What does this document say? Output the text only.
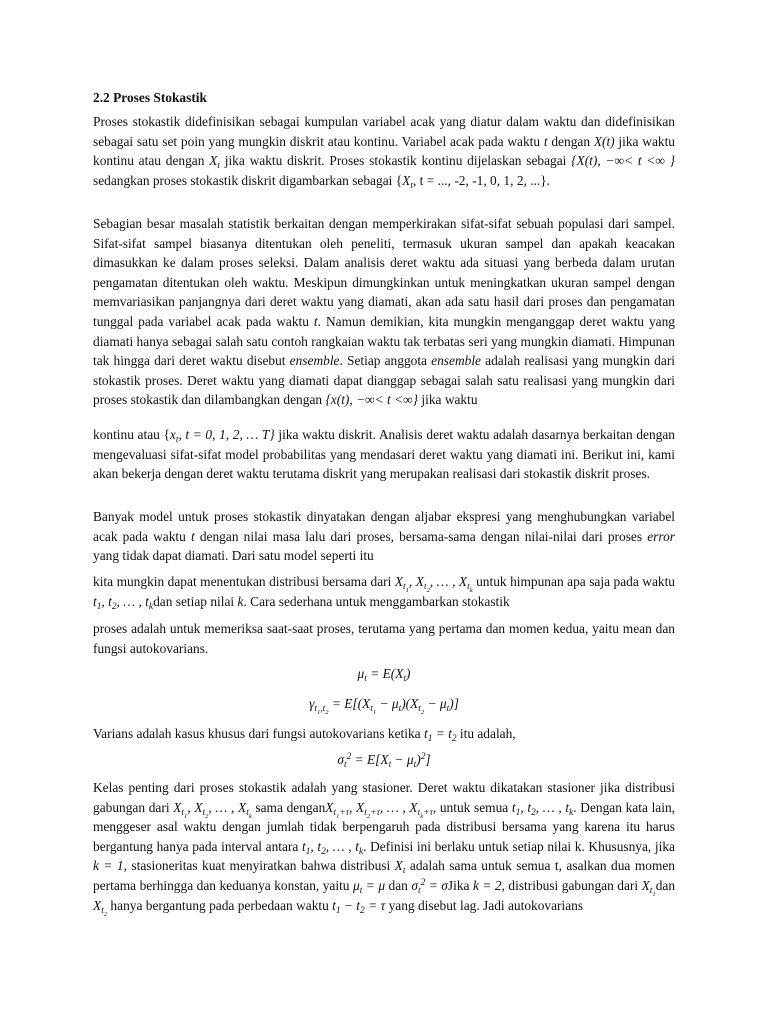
2.2 Proses Stokastik

Proses stokastik didefinisikan sebagai kumpulan variabel acak yang diatur dalam waktu dan didefinisikan sebagai satu set poin yang mungkin diskrit atau kontinu. Variabel acak pada waktu t dengan X(t) jika waktu kontinu atau dengan $X_t$ jika waktu diskrit. Proses stokastik kontinu dijelaskan sebagai {X(t), −∞< t <∞ } sedangkan proses stokastik diskrit digambarkan sebagai {$X_t$, t = ..., -2, -1, 0, 1, 2, ...}.

Sebagian besar masalah statistik berkaitan dengan memperkirakan sifat-sifat sebuah populasi dari sampel. Sifat-sifat sampel biasanya ditentukan oleh peneliti, termasuk ukuran sampel dan apakah keacakan dimasukkan ke dalam proses seleksi. Dalam analisis deret waktu ada situasi yang berbeda dalam urutan pengamatan ditentukan oleh waktu. Meskipun dimungkinkan untuk meningkatkan ukuran sampel dengan memvariasikan panjangnya dari deret waktu yang diamati, akan ada satu hasil dari proses dan pengamatan tunggal pada variabel acak pada waktu t. Namun demikian, kita mungkin menganggap deret waktu yang diamati hanya sebagai salah satu contoh rangkaian waktu tak terbatas seri yang mungkin diamati. Himpunan tak hingga dari deret waktu disebut ensemble. Setiap anggota ensemble adalah realisasi yang mungkin dari stokastik proses. Deret waktu yang diamati dapat dianggap sebagai salah satu realisasi yang mungkin dari proses stokastik dan dilambangkan dengan {x(t), −∞< t <∞} jika waktu

kontinu atau {$x_t$, t = 0, 1, 2, … T} jika waktu diskrit. Analisis deret waktu adalah dasarnya berkaitan dengan mengevaluasi sifat-sifat model probabilitas yang mendasari deret waktu yang diamati ini. Berikut ini, kami akan bekerja dengan deret waktu terutama diskrit yang merupakan realisasi dari stokastik diskrit proses.

Banyak model untuk proses stokastik dinyatakan dengan aljabar ekspresi yang menghubungkan variabel acak pada waktu t dengan nilai masa lalu dari proses, bersama-sama dengan nilai-nilai dari proses error yang tidak dapat diamati. Dari satu model seperti itu

kita mungkin dapat menentukan distribusi bersama dari $X_{t_1}$, $X_{t_2}$, … , $X_{t_k}$ untuk himpunan apa saja pada waktu $t_1$, $t_2$, … , $t_kdan$ setiap nilai k. Cara sederhana untuk menggambarkan stokastik

proses adalah untuk memeriksa saat-saat proses, terutama yang pertama dan momen kedua, yaitu mean dan fungsi autokovarians.

$\mu_t = E(X_t)$
$\gamma_{t_1,t_2} = E[(X_{t_1} - \mu_t)(X_{t_2} - \mu_t)]$

Varians adalah kasus khusus dari fungsi autokovarians ketika $t_1 = t_2$ itu adalah,

$\sigma_t^2 = E[X_t - \mu_t)^2$]

Kelas penting dari proses stokastik adalah yang stasioner. Deret waktu dikatakan stasioner jika distribusi gabungan dari $X_{t_1}$, $X_{t_2}$, … , $X_{t_k}$ sama denganX$_{t_1+\tau}$, $X_{t_2+\tau}$, … , $X_{t_k+\tau}$, untuk semua $t_1$, $t_2$, … , $t_k$. Dengan kata lain, menggeser asal waktu dengan jumlah tidak berpengaruh pada distribusi bersama yang karena itu harus bergantung hanya pada interval antara $t_1$, $t_2$, … , $t_k$. Definisi ini berlaku untuk setiap nilai k. Khususnya, jika k = 1, stasioneritas kuat menyiratkan bahwa distribusi $X_t$ adalah sama untuk semua t, asalkan dua momen pertama berhingga dan keduanya konstan, yaitu $\mu_t = \mu$ dan $\sigma_t^2$ = σJika k = 2, distribusi gabungan dari $X_{t_1}dan$ $X_{t_2}$ hanya bergantung pada perbedaan waktu $t_1 - t_2 = \tau$ yang disebut lag. Jadi autokovarians
